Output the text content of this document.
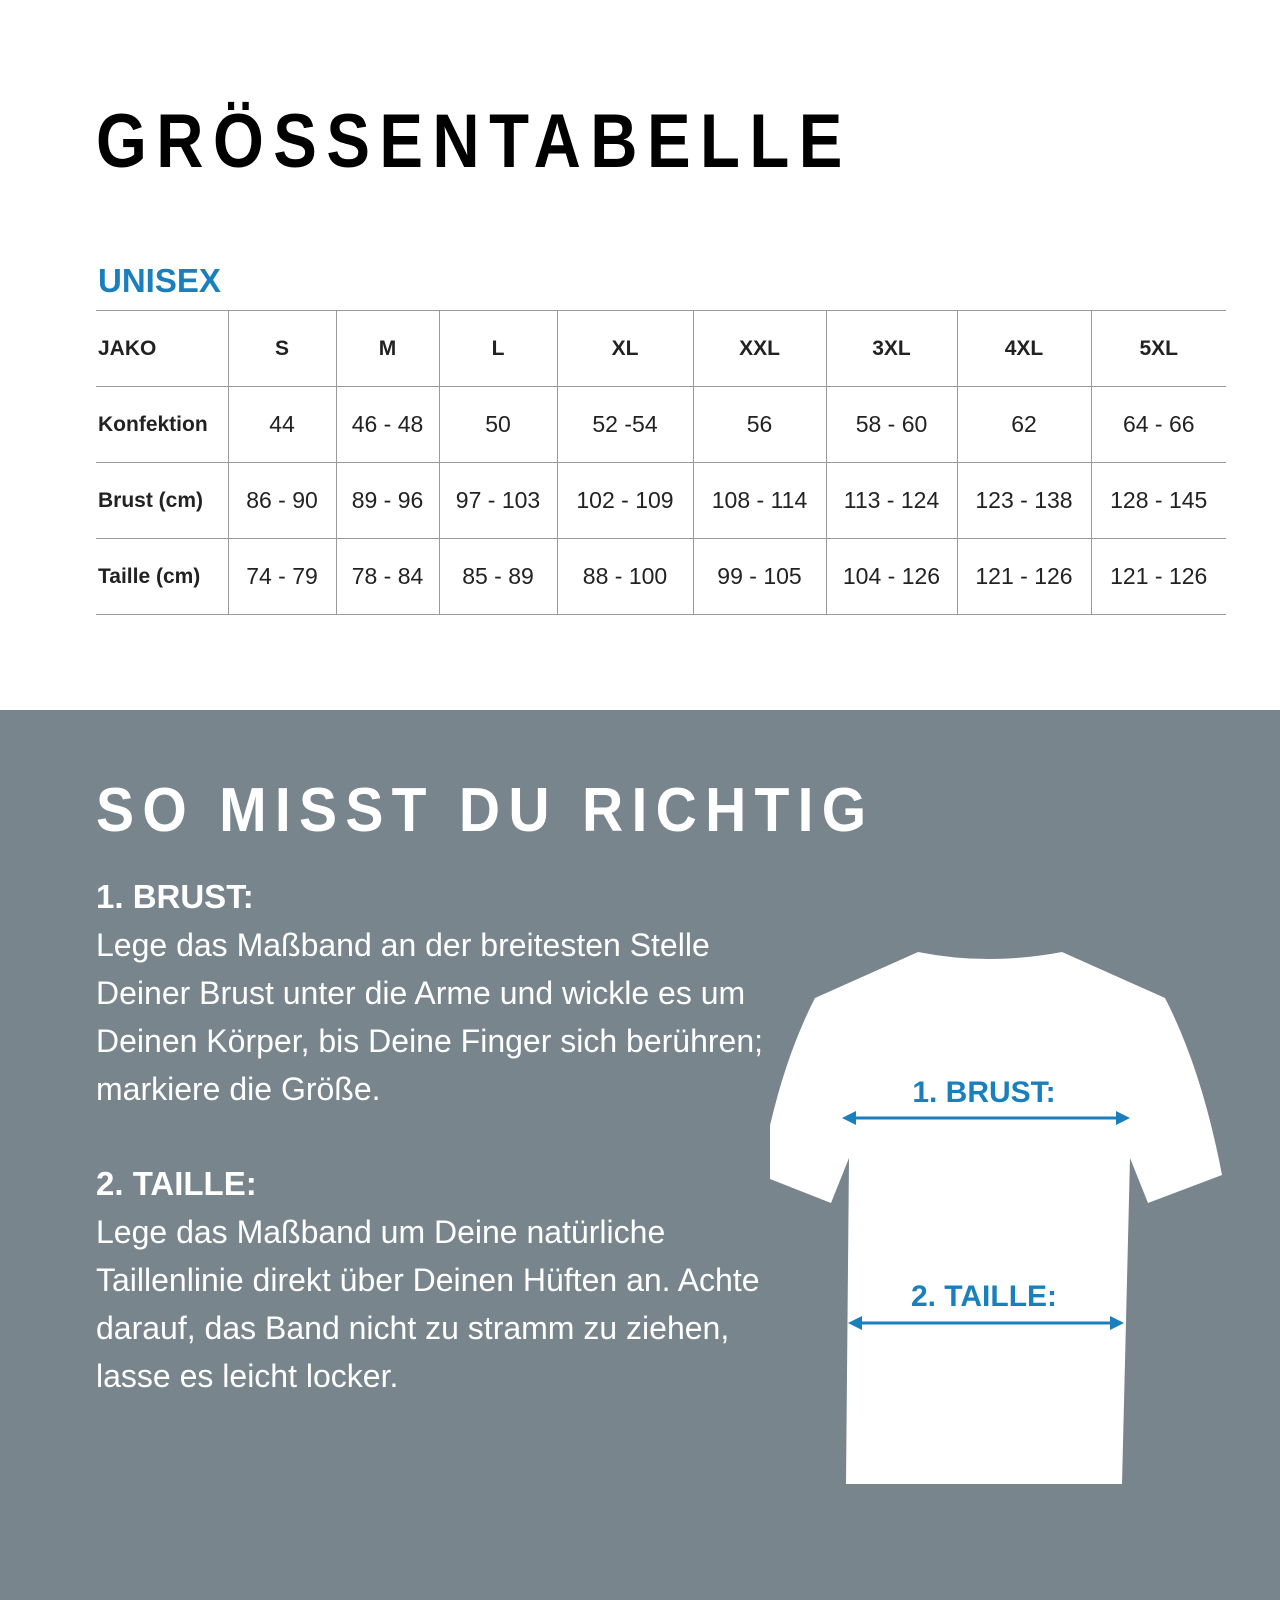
GRÖSSENTABELLE
UNISEX
JAKO	S	M	L	XL	XXL	3XL	4XL	5XL
Konfektion	44	46 - 48	50	52 -54	56	58 - 60	62	64 - 66
Brust (cm)	86 - 90	89 - 96	97 - 103	102 - 109	108 - 114	113 - 124	123 - 138	128 - 145
Taille (cm)	74 - 79	78 - 84	85 - 89	88 - 100	99 - 105	104 - 126	121 - 126	121 - 126
SO MISST DU RICHTIG
1. BRUST:

Lege das Maßband an der breitesten Stelle Deiner Brust unter die Arme und wickle es um Deinen Körper, bis Deine Finger sich berühren; markiere die Größe.

2. TAILLE:

Lege das Maßband um Deine natürliche Taillenlinie direkt über Deinen Hüften an. Achte darauf, das Band nicht zu stramm zu ziehen, lasse es leicht locker.

1. BRUST:
2. TAILLE:
